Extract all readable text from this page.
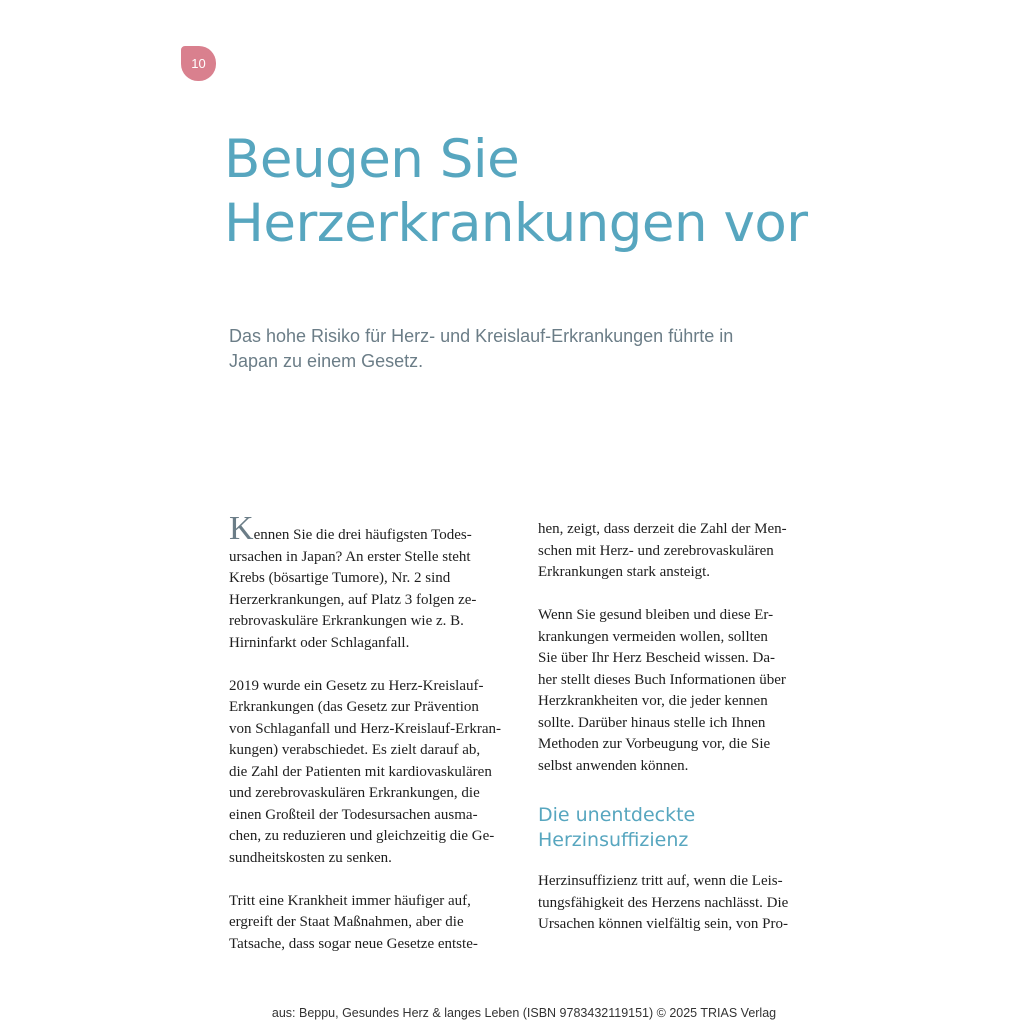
10
Beugen Sie
Herzerkrankungen vor

Das hohe Risiko für Herz- und Kreislauf-Erkrankungen führte in
Japan zu einem Gesetz.

Kennen Sie die drei häufigsten Todes-
ursachen in Japan? An erster Stelle steht
Krebs (bösartige Tumore), Nr. 2 sind
Herzerkrankungen, auf Platz 3 folgen ze-
rebrovaskuläre Erkrankungen wie z. B.
Hirninfarkt oder Schlaganfall.

2019 wurde ein Gesetz zu Herz-Kreislauf-
Erkrankungen (das Gesetz zur Prävention
von Schlaganfall und Herz-Kreislauf-Erkran-
kungen) verabschiedet. Es zielt darauf ab,
die Zahl der Patienten mit kardiovaskulären
und zerebrovaskulären Erkrankungen, die
einen Großteil der Todesursachen ausma-
chen, zu reduzieren und gleichzeitig die Ge-
sundheitskosten zu senken.

Tritt eine Krankheit immer häufiger auf,
ergreift der Staat Maßnahmen, aber die
Tatsache, dass sogar neue Gesetze entste-

hen, zeigt, dass derzeit die Zahl der Men-
schen mit Herz- und zerebrovaskulären
Erkrankungen stark ansteigt.

Wenn Sie gesund bleiben und diese Er-
krankungen vermeiden wollen, sollten
Sie über Ihr Herz Bescheid wissen. Da-
her stellt dieses Buch Informationen über
Herzkrankheiten vor, die jeder kennen
sollte. Darüber hinaus stelle ich Ihnen
Methoden zur Vorbeugung vor, die Sie
selbst anwenden können.

Die unentdeckte
Herzinsuffizienz

Herzinsuffizienz tritt auf, wenn die Leis-
tungsfähigkeit des Herzens nachlässt. Die
Ursachen können vielfältig sein, von Pro-

aus: Beppu, Gesundes Herz & langes Leben (ISBN 9783432119151) © 2025 TRIAS Verlag
